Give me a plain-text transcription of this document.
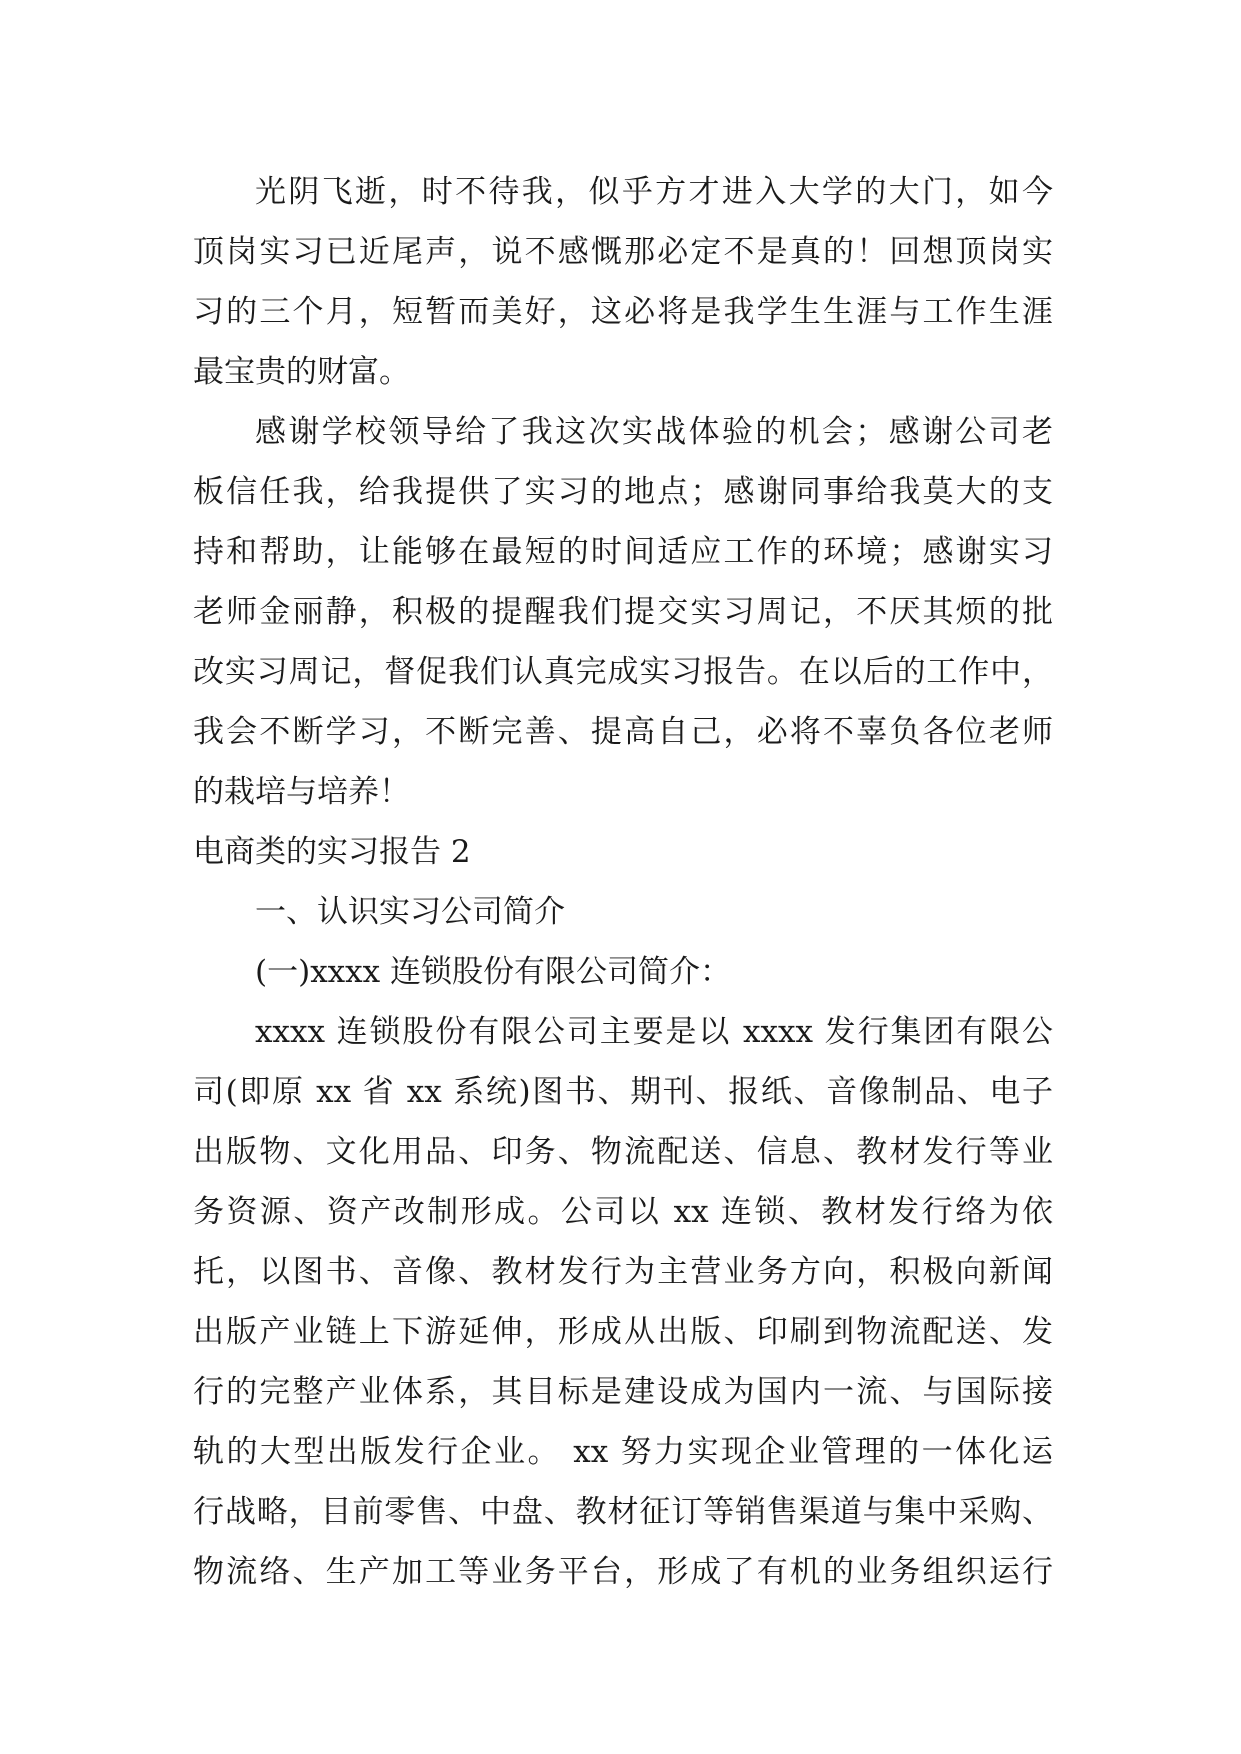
光阴飞逝，时不待我，似乎方才进入大学的大门，如今
顶岗实习已近尾声，说不感慨那必定不是真的！回想顶岗实
习的三个月，短暂而美好，这必将是我学生生涯与工作生涯
最宝贵的财富。
感谢学校领导给了我这次实战体验的机会；感谢公司老
板信任我，给我提供了实习的地点；感谢同事给我莫大的支
持和帮助，让能够在最短的时间适应工作的环境；感谢实习
老师金丽静，积极的提醒我们提交实习周记，不厌其烦的批
改实习周记，督促我们认真完成实习报告。在以后的工作中，
我会不断学习，不断完善、提高自己，必将不辜负各位老师
的栽培与培养！
电商类的实习报告 2
一、认识实习公司简介
(一)xxxx 连锁股份有限公司简介：
xxxx 连锁股份有限公司主要是以 xxxx 发行集团有限公
司(即原 xx 省 xx 系统)图书、期刊、报纸、音像制品、电子
出版物、文化用品、印务、物流配送、信息、教材发行等业
务资源、资产改制形成。公司以 xx 连锁、教材发行络为依
托，以图书、音像、教材发行为主营业务方向，积极向新闻
出版产业链上下游延伸，形成从出版、印刷到物流配送、发
行的完整产业体系，其目标是建设成为国内一流、与国际接
轨的大型出版发行企业。 xx 努力实现企业管理的一体化运
行战略，目前零售、中盘、教材征订等销售渠道与集中采购、
物流络、生产加工等业务平台，形成了有机的业务组织运行
